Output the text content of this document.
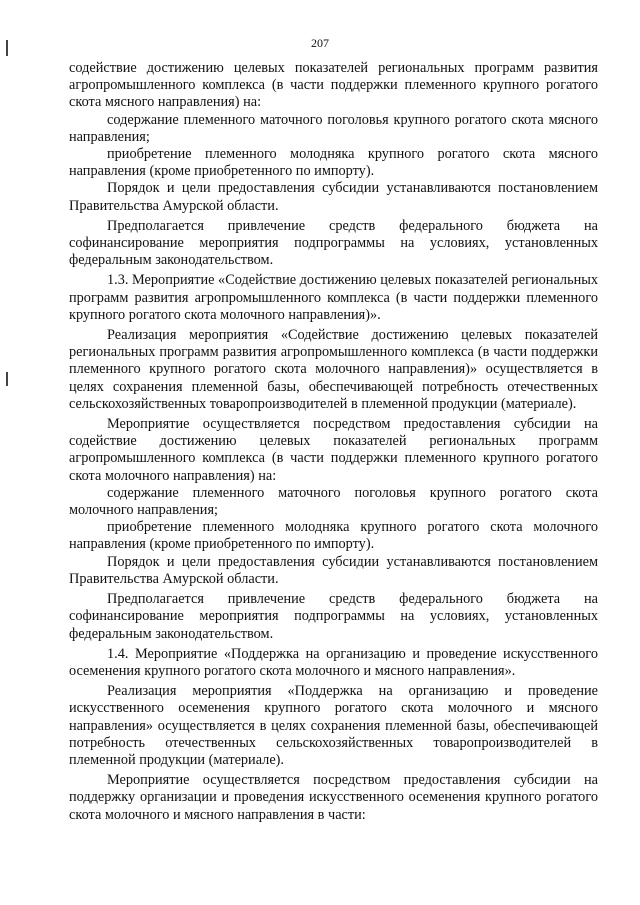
207

содействие достижению целевых показателей региональных программ развития агропромышленного комплекса (в части поддержки племенного крупного рогатого скота мясного направления) на:

содержание племенного маточного поголовья крупного рогатого скота мясного направления;

приобретение племенного молодняка крупного рогатого скота мясного направления (кроме приобретенного по импорту).

Порядок и цели предоставления субсидии устанавливаются постановлением Правительства Амурской области.

Предполагается привлечение средств федерального бюджета на софинансирование мероприятия подпрограммы на условиях, установленных федеральным законодательством.

1.3. Мероприятие «Содействие достижению целевых показателей региональных программ развития агропромышленного комплекса (в части поддержки племенного крупного рогатого скота молочного направления)».

Реализация мероприятия «Содействие достижению целевых показателей региональных программ развития агропромышленного комплекса (в части поддержки племенного крупного рогатого скота молочного направления)» осуществляется в целях сохранения племенной базы, обеспечивающей потребность отечественных сельскохозяйственных товаропроизводителей в племенной продукции (материале).

Мероприятие осуществляется посредством предоставления субсидии на содействие достижению целевых показателей региональных программ агропромышленного комплекса (в части поддержки племенного крупного рогатого скота молочного направления) на:

содержание племенного маточного поголовья крупного рогатого скота молочного направления;

приобретение племенного молодняка крупного рогатого скота молочного направления (кроме приобретенного по импорту).

Порядок и цели предоставления субсидии устанавливаются постановлением Правительства Амурской области.

Предполагается привлечение средств федерального бюджета на софинансирование мероприятия подпрограммы на условиях, установленных федеральным законодательством.

1.4. Мероприятие «Поддержка на организацию и проведение искусственного осеменения крупного рогатого скота молочного и мясного направления».

Реализация мероприятия «Поддержка на организацию и проведение искусственного осеменения крупного рогатого скота молочного и мясного направления» осуществляется в целях сохранения племенной базы, обеспечивающей потребность отечественных сельскохозяйственных товаропроизводителей в племенной продукции (материале).

Мероприятие осуществляется посредством предоставления субсидии на поддержку организации и проведения искусственного осеменения крупного рогатого скота молочного и мясного направления в части:
